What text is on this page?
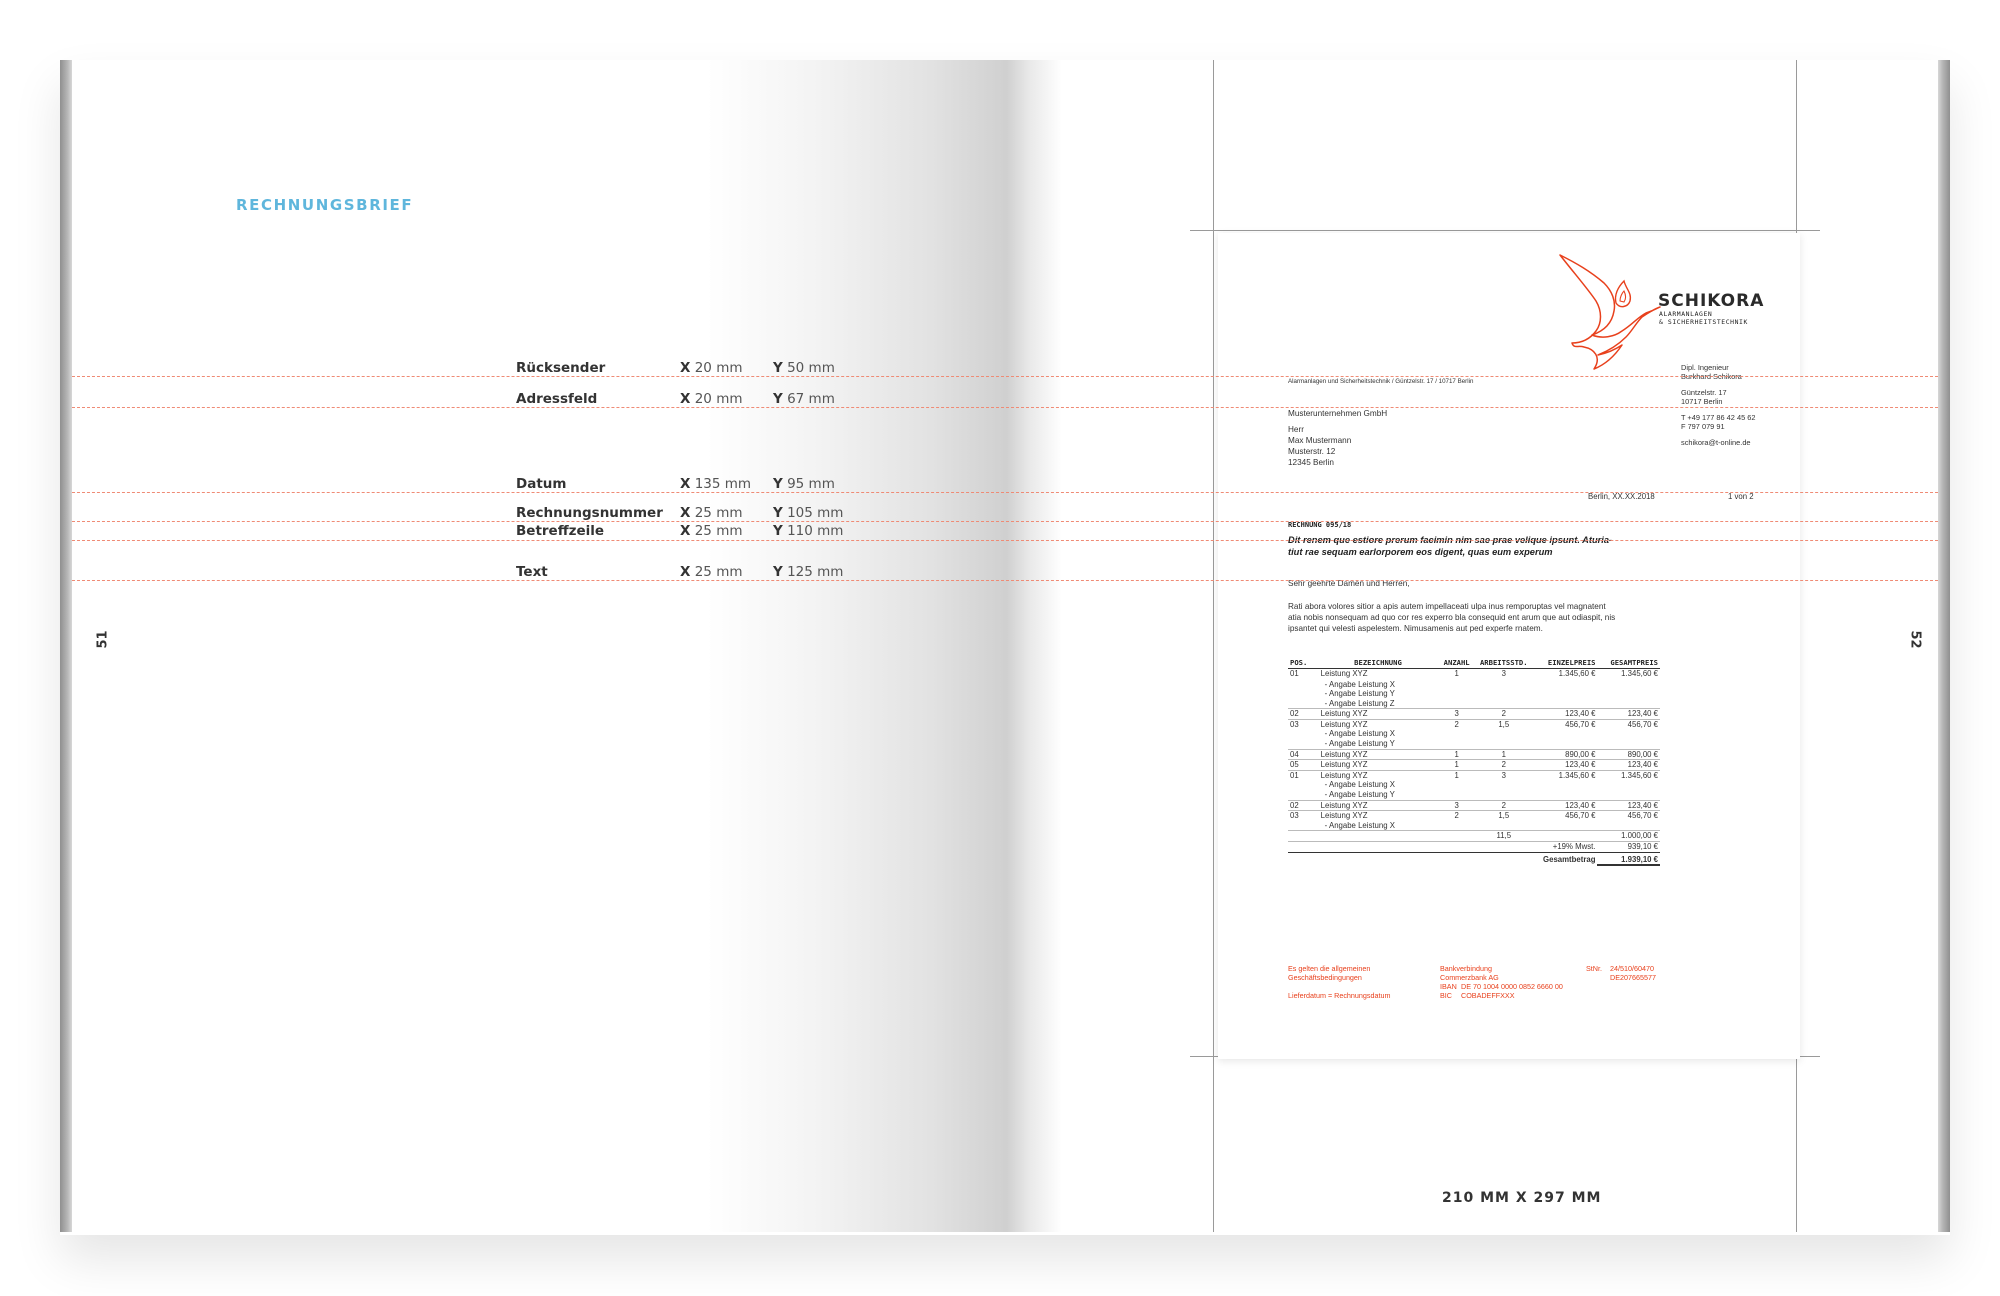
RECHNUNGSBRIEF
Rücksender	X 20 mm Y 50 mm
Adressfeld	X 20 mm Y 67 mm
Datum	X 135 mm Y 95 mm
Rechnungsnummer X 25 mm Y 105 mm
Betreffzeile	X 25 mm Y 110 mm
Text	X 25 mm Y 125 mm
51
SCHIKORA
ALARMANLAGEN
& SICHERHEITSTECHNIK
Dipl. Ingenieur
Burkhard Schikora
Güntzelstr. 17
10717 Berlin
T +49 177 86 42 45 62
F 797 079 91
schikora@t-online.de
Alarmanlagen und Sicherheitstechnik / Güntzelstr. 17 / 10717 Berlin
Musterunternehmen GmbH
Herr
Max Mustermann
Musterstr. 12
12345 Berlin
Berlin, XX.XX.2018	1 von 2
RECHNUNG 095/18
Dit renem que estiore prerum facimin nim sae prae velique ipsunt. Aturia-
tiut rae sequam earlorporem eos digent, quas eum experum
Sehr geehrte Damen und Herren,
Rati abora volores sitior a apis autem impellaceati ulpa inus remporuptas vel magnatent
atia nobis nonsequam ad quo cor res experro bla consequid ent arum que aut odiaspit, nis
ipsantet qui velesti aspelestem. Nimusamenis aut ped experfe rnatem.
POS.	BEZEICHNUNG	ANZAHL	ARBEITSSTD.	EINZELPREIS	GESAMTPREIS
01	Leistung XYZ	1	3	1.345,60 €	1.345,60 €
	- Angabe Leistung X				
	- Angabe Leistung Y				
	- Angabe Leistung Z				
02	Leistung XYZ	3	2	123,40 €	123,40 €
03	Leistung XYZ	2	1,5	456,70 €	456,70 €
	- Angabe Leistung X				
	- Angabe Leistung Y				
04	Leistung XYZ	1	1	890,00 €	890,00 €
05	Leistung XYZ	1	2	123,40 €	123,40 €
01	Leistung XYZ	1	3	1.345,60 €	1.345,60 €
	- Angabe Leistung X				
	- Angabe Leistung Y				
02	Leistung XYZ	3	2	123,40 €	123,40 €
03	Leistung XYZ	2	1,5	456,70 €	456,70 €
	- Angabe Leistung X				
			11,5		1.000,00 €
			+19% Mwst.		939,10 €
			Gesamtbetrag		1.939,10 €
Es gelten die allgemeinen
Geschäftsbedingungen
Lieferdatum = Rechnungsdatum
Bankverbindung
Commerzbank AG
IBAN DE 70 1004 0000 0852 6660 00
BIC COBADEFFXXX
StNr. 24/510/60470
DE207665577
52
210 MM X 297 MM
